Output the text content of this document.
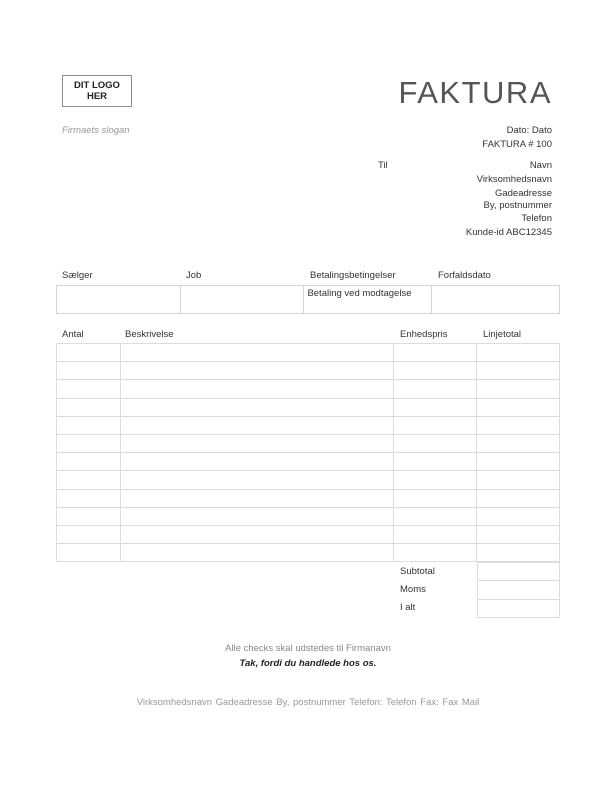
DIT LOGO
HER	FAKTURA
Firmaets slogan	Dato: Dato
FAKTURA # 100
Til	Navn
Virksomhedsnavn
Gadeadresse
By, postnummer
Telefon
Kunde-id ABC12345
Sælger	Job	Betalingsbetingelser	Forfaldsdato
		Betaling ved modtagelse	
Antal	Beskrivelse	Enhedspris	Linjetotal

Subtotal
Moms
I alt

Alle checks skal udstedes til Firmanavn
Tak, fordi du handlede hos os.
Virksomhedsnavn Gadeadresse By, postnummer Telefon: Telefon Fax: Fax Mail
